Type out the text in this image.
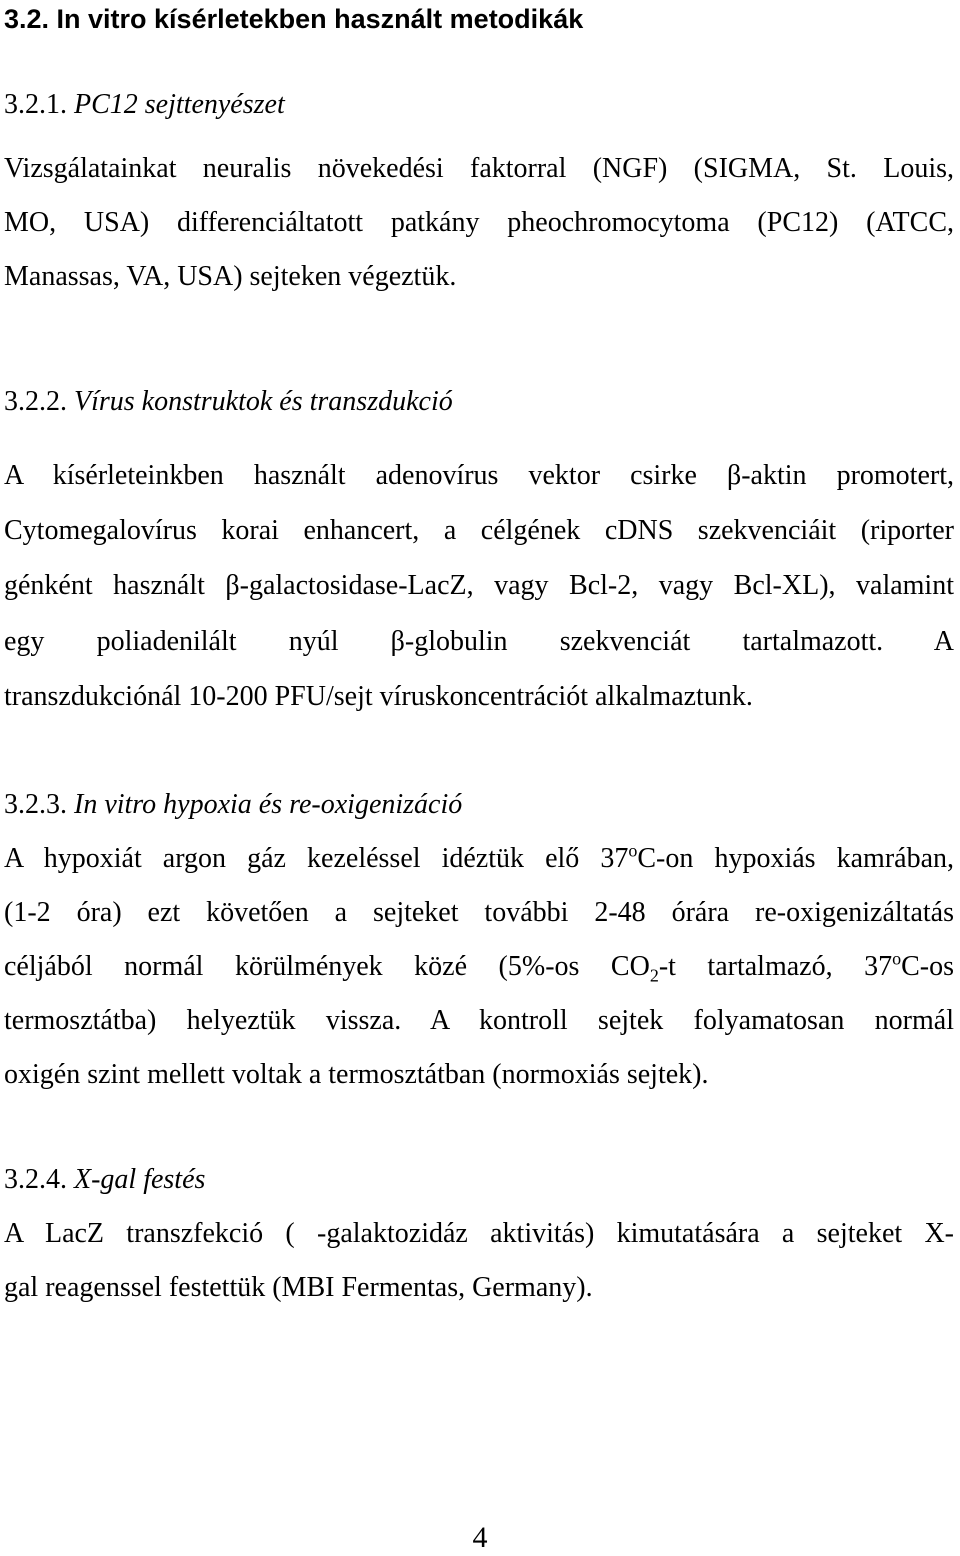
3.2. In vitro kísérletekben használt metodikák
3.2.1. PC12 sejttenyészet
Vizsgálatainkat neuralis növekedési faktorral (NGF) (SIGMA, St. Louis,
MO, USA) differenciáltatott patkány pheochromocytoma (PC12) (ATCC,
Manassas, VA, USA) sejteken végeztük.
3.2.2. Vírus konstruktok és transzdukció
A kísérleteinkben használt adenovírus vektor csirke β-aktin promotert,
Cytomegalovírus korai enhancert, a célgének cDNS szekvenciáit (riporter
génként használt β-galactosidase-LacZ, vagy Bcl-2, vagy Bcl-XL), valamint
egy poliadenilált nyúl β-globulin szekvenciát tartalmazott. A
transzdukciónál 10-200 PFU/sejt víruskoncentrációt alkalmaztunk.
3.2.3. In vitro hypoxia és re-oxigenizáció
A hypoxiát argon gáz kezeléssel idéztük elő 37$^o$C-on hypoxiás kamrában,
(1-2 óra) ezt követően a sejteket további 2-48 órára re-oxigenizáltatás
céljából normál körülmények közé (5%-os $CO_2-t$ tartalmazó, 37$^o$C-os
termosztátba) helyeztük vissza. A kontroll sejtek folyamatosan normál
oxigén szint mellett voltak a termosztátban (normoxiás sejtek).
3.2.4. X-gal festés
A LacZ transzfekció ( -galaktozidáz aktivitás) kimutatására a sejteket X-
gal reagenssel festettük (MBI Fermentas, Germany).
4
